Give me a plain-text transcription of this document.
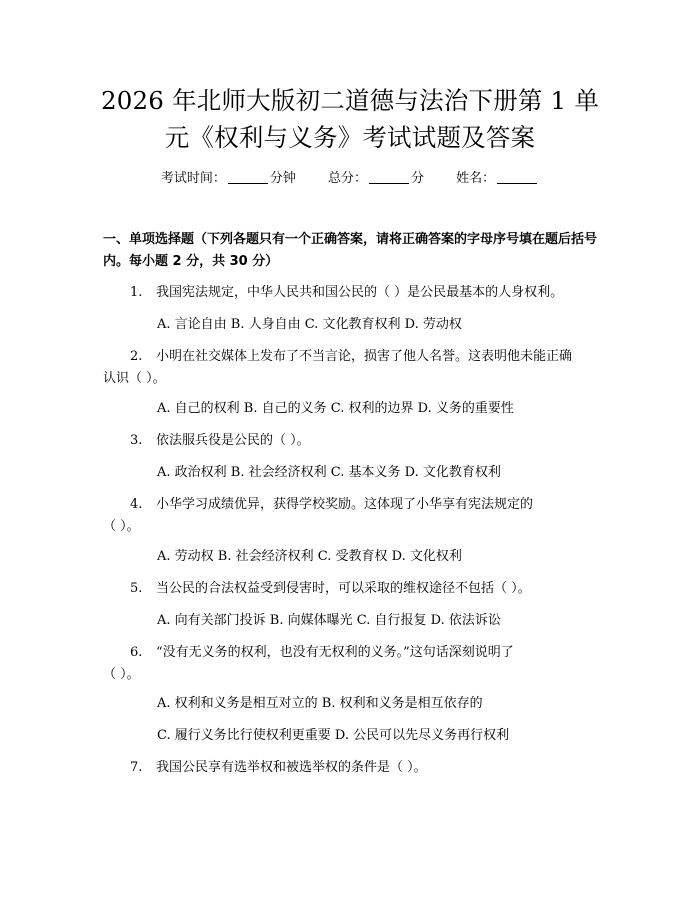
2026 年北师大版初二道德与法治下册第 1 单
元《权利与义务》考试试题及答案
考试时间：	分钟 总分：	分 姓名：
一、单项选择题（下列各题只有一个正确答案，请将正确答案的字母序号填在题后括号内。每小题 2 分，共 30 分）
1. 我国宪法规定，中华人民共和国公民的（ ）是公民最基本的人身权利。
A. 言论自由 B. 人身自由 C. 文化教育权利 D. 劳动权
2. 小明在社交媒体上发布了不当言论，损害了他人名誉。这表明他未能正确
认识（ ）。
A. 自己的权利 B. 自己的义务 C. 权利的边界 D. 义务的重要性
3. 依法服兵役是公民的（ ）。
A. 政治权利 B. 社会经济权利 C. 基本义务 D. 文化教育权利
4. 小华学习成绩优异，获得学校奖励。这体现了小华享有宪法规定的
（ ）。
A. 劳动权 B. 社会经济权利 C. 受教育权 D. 文化权利
5. 当公民的合法权益受到侵害时，可以采取的维权途径不包括（ ）。
A. 向有关部门投诉 B. 向媒体曝光 C. 自行报复 D. 依法诉讼
6. “没有无义务的权利，也没有无权利的义务。”这句话深刻说明了
（ ）。
A. 权利和义务是相互对立的 B. 权利和义务是相互依存的
C. 履行义务比行使权利更重要 D. 公民可以先尽义务再行权利
7. 我国公民享有选举权和被选举权的条件是（ ）。
